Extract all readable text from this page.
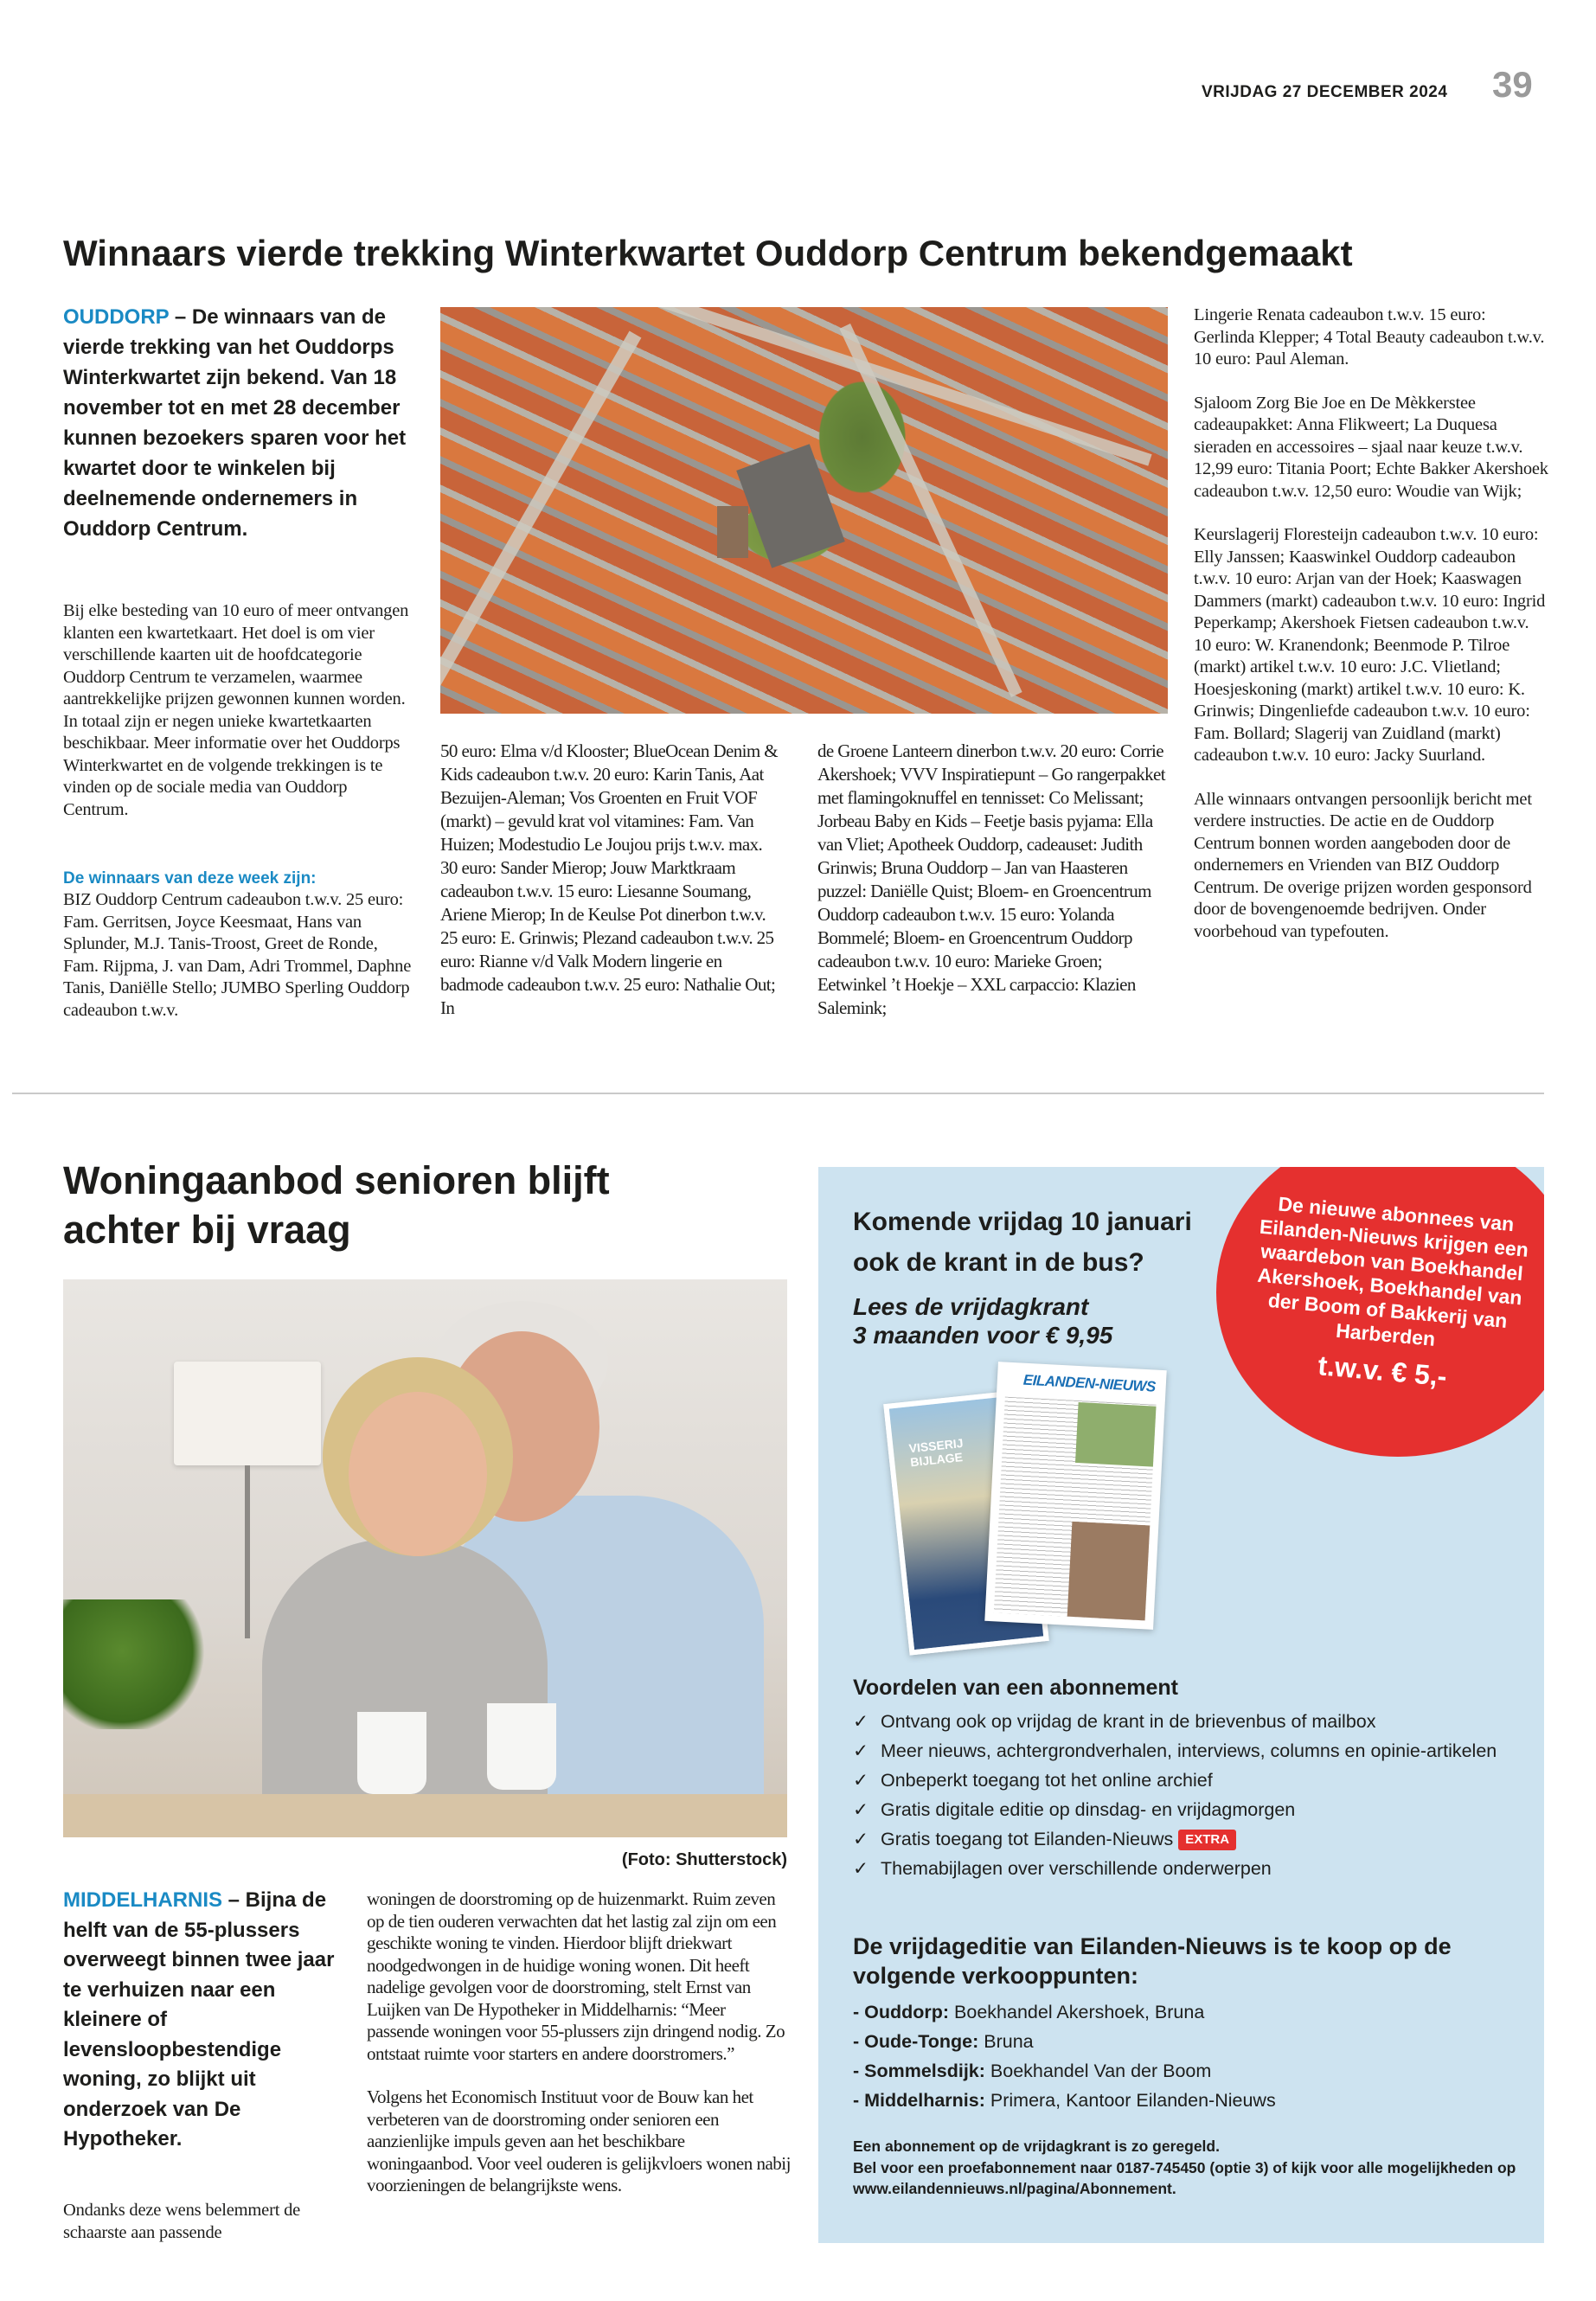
VRIJDAG 27 DECEMBER 2024 39
Winnaars vierde trekking Winterkwartet Ouddorp Centrum bekendgemaakt
OUDDORP – De winnaars van de vierde trekking van het Ouddorps Winterkwartet zijn bekend. Van 18 november tot en met 28 december kunnen bezoekers sparen voor het kwartet door te winkelen bij deelnemende ondernemers in Ouddorp Centrum.
Bij elke besteding van 10 euro of meer ontvangen klanten een kwartetkaart. Het doel is om vier verschillende kaarten uit de hoofdcategorie Ouddorp Centrum te verzamelen, waarmee aantrekkelijke prijzen gewonnen kunnen worden. In totaal zijn er negen unieke kwartetkaarten beschikbaar. Meer informatie over het Ouddorps Winterkwartet en de volgende trekkingen is te vinden op de sociale media van Ouddorp Centrum.
De winnaars van deze week zijn:
BIZ Ouddorp Centrum cadeaubon t.w.v. 25 euro: Fam. Gerritsen, Joyce Keesmaat, Hans van Splunder, M.J. Tanis-Troost, Greet de Ronde, Fam. Rijpma, J. van Dam, Adri Trommel, Daphne Tanis, Daniëlle Stello; JUMBO Sperling Ouddorp cadeaubon t.w.v.
50 euro: Elma v/d Klooster; BlueOcean Denim & Kids cadeaubon t.w.v. 20 euro: Karin Tanis, Aat Bezuijen-Aleman; Vos Groenten en Fruit VOF (markt) – gevuld krat vol vitamines: Fam. Van Huizen; Modestudio Le Joujou prijs t.w.v. max. 30 euro: Sander Mierop; Jouw Marktkraam cadeaubon t.w.v. 15 euro: Liesanne Soumang, Ariene Mierop; In de Keulse Pot dinerbon t.w.v. 25 euro: E. Grinwis; Plezand cadeaubon t.w.v. 25 euro: Rianne v/d Valk Modern lingerie en badmode cadeaubon t.w.v. 25 euro: Nathalie Out; In
de Groene Lanteern dinerbon t.w.v. 20 euro: Corrie Akershoek; VVV Inspiratiepunt – Go rangerpakket met flamingoknuffel en tennisset: Co Melissant; Jorbeau Baby en Kids – Feetje basis pyjama: Ella van Vliet; Apotheek Ouddorp, cadeauset: Judith Grinwis; Bruna Ouddorp – Jan van Haasteren puzzel: Daniëlle Quist; Bloem- en Groencentrum Ouddorp cadeaubon t.w.v. 15 euro: Yolanda Bommelé; Bloem- en Groencentrum Ouddorp cadeaubon t.w.v. 10 euro: Marieke Groen; Eetwinkel ’t Hoekje – XXL carpaccio: Klazien Salemink;

Lingerie Renata cadeaubon t.w.v. 15 euro: Gerlinda Klepper; 4 Total Beauty cadeaubon t.w.v. 10 euro: Paul Aleman.

Sjaloom Zorg Bie Joe en De Mèkkerstee cadeaupakket: Anna Flikweert; La Duquesa sieraden en accessoires – sjaal naar keuze t.w.v. 12,99 euro: Titania Poort; Echte Bakker Akershoek cadeaubon t.w.v. 12,50 euro: Woudie van Wijk;

Keurslagerij Floresteijn cadeaubon t.w.v. 10 euro: Elly Janssen; Kaaswinkel Ouddorp cadeaubon t.w.v. 10 euro: Arjan van der Hoek; Kaaswagen Dammers (markt) cadeaubon t.w.v. 10 euro: Ingrid Peperkamp; Akershoek Fietsen cadeaubon t.w.v. 10 euro: W. Kranendonk; Beenmode P. Tilroe (markt) artikel t.w.v. 10 euro: J.C. Vlietland; Hoesjeskoning (markt) artikel t.w.v. 10 euro: K. Grinwis; Dingenliefde cadeaubon t.w.v. 10 euro: Fam. Bollard; Slagerij van Zuidland (markt) cadeaubon t.w.v. 10 euro: Jacky Suurland.

Alle winnaars ontvangen persoonlijk bericht met verdere instructies. De actie en de Ouddorp Centrum bonnen worden aangeboden door de ondernemers en Vrienden van BIZ Ouddorp Centrum. De overige prijzen worden gesponsord door de bovengenoemde bedrijven. Onder voorbehoud van typefouten.

Woningaanbod senioren blijft achter bij vraag
(Foto: Shutterstock)
MIDDELHARNIS – Bijna de helft van de 55-plussers overweegt binnen twee jaar te verhuizen naar een kleinere of levensloopbestendige woning, zo blijkt uit onderzoek van De Hypotheker.
Ondanks deze wens belemmert de schaarste aan passende

woningen de doorstroming op de huizenmarkt. Ruim zeven op de tien ouderen verwachten dat het lastig zal zijn om een geschikte woning te vinden. Hierdoor blijft driekwart noodgedwongen in de huidige woning wonen. Dit heeft nadelige gevolgen voor de doorstroming, stelt Ernst van Luijken van De Hypotheker in Middelharnis: “Meer passende woningen voor 55-plussers zijn dringend nodig. Zo ontstaat ruimte voor starters en andere doorstromers.”

Volgens het Economisch Instituut voor de Bouw kan het verbeteren van de doorstroming onder senioren een aanzienlijke impuls geven aan het beschikbare woningaanbod. Voor veel ouderen is gelijkvloers wonen nabij voorzieningen de belangrijkste wens.

De nieuwe abonnees van Eilanden-Nieuws krijgen een waardebon van Boekhandel Akershoek, Boekhandel van der Boom of Bakkerij van Harberden
t.w.v. € 5,-
Komende vrijdag 10 januari ook de krant in de bus?
Lees de vrijdagkrant
3 maanden voor € 9,95
VISSERIJ BIJLAGE
EILANDEN-NIEUWS
Voordelen van een abonnement
✓ Ontvang ook op vrijdag de krant in de brievenbus of mailbox
✓ Meer nieuws, achtergrondverhalen, interviews, columns en opinie-artikelen
✓ Onbeperkt toegang tot het online archief
✓ Gratis digitale editie op dinsdag- en vrijdagmorgen
✓ Gratis toegang tot Eilanden-Nieuws EXTRA
✓ Themabijlagen over verschillende onderwerpen
De vrijdageditie van Eilanden-Nieuws is te koop op de volgende verkooppunten:
- Ouddorp: Boekhandel Akershoek, Bruna
- Oude-Tonge: Bruna
- Sommelsdijk: Boekhandel Van der Boom
- Middelharnis: Primera, Kantoor Eilanden-Nieuws
Een abonnement op de vrijdagkrant is zo geregeld.
Bel voor een proefabonnement naar 0187-745450 (optie 3) of kijk voor alle mogelijkheden op www.eilandennieuws.nl/pagina/Abonnement.
